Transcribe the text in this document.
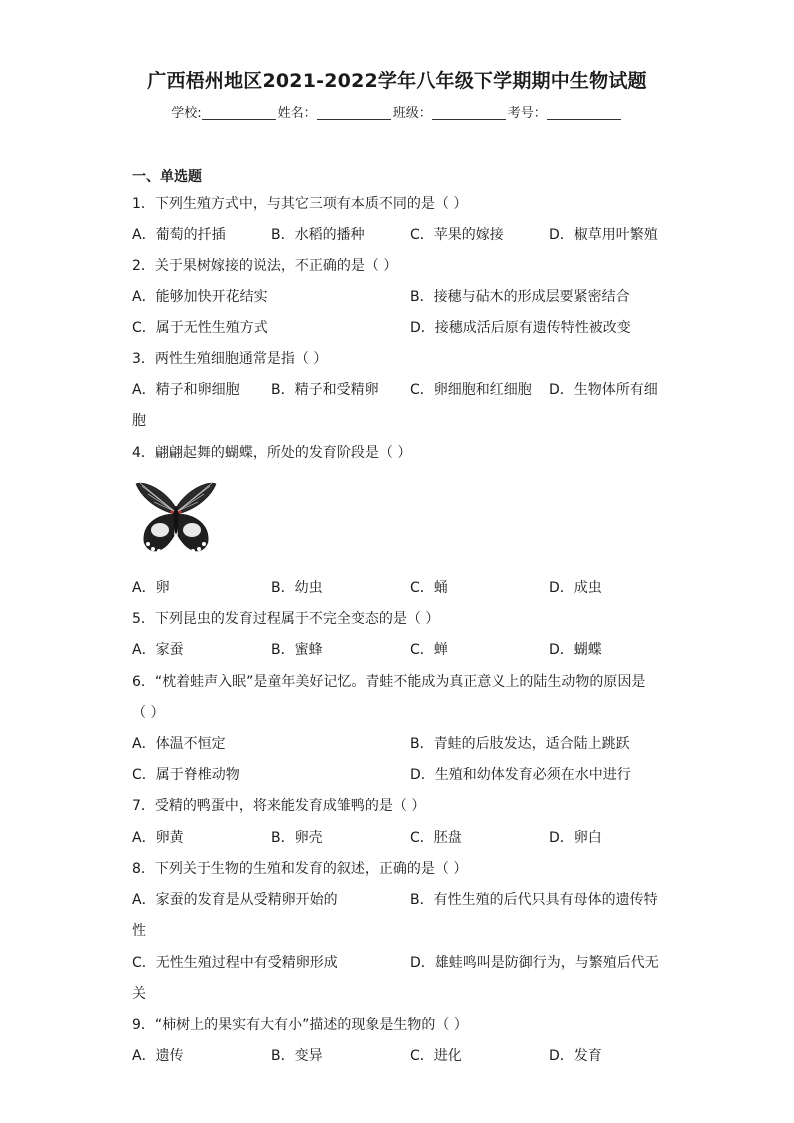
广西梧州地区2021-2022学年八年级下学期期中生物试题
学校:	姓名：	班级：	考号：
一、单选题
1．下列生殖方式中，与其它三项有本质不同的是（ ）
A．葡萄的扦插	B．水稻的播种	C．苹果的嫁接	D．椒草用叶繁殖
2．关于果树嫁接的说法，不正确的是（ ）
A．能够加快开花结实	B．接穗与砧木的形成层要紧密结合
C．属于无性生殖方式	D．接穗成活后原有遗传特性被改变
3．两性生殖细胞通常是指（ ）
A．精子和卵细胞 B．精子和受精卵 C．卵细胞和红细胞 D．生物体所有细
胞
4．翩翩起舞的蝴蝶，所处的发育阶段是（ ）
A．卵	B．幼虫	C．蛹	D．成虫
5．下列昆虫的发育过程属于不完全变态的是（ ）
A．家蚕	B．蜜蜂	C．蝉	D．蝴蝶
6．“枕着蛙声入眠”是童年美好记忆。青蛙不能成为真正意义上的陆生动物的原因是
（ ）
A．体温不恒定	B．青蛙的后肢发达，适合陆上跳跃
C．属于脊椎动物	D．生殖和幼体发育必须在水中进行
7．受精的鸭蛋中，将来能发育成雏鸭的是（ ）
A．卵黄	B．卵壳	C．胚盘	D．卵白
8．下列关于生物的生殖和发育的叙述，正确的是（ ）
A．家蚕的发育是从受精卵开始的	B．有性生殖的后代只具有母体的遗传特
性
C．无性生殖过程中有受精卵形成	D．雄蛙鸣叫是防御行为，与繁殖后代无
关
9．“柿树上的果实有大有小”描述的现象是生物的（ ）
A．遗传	B．变异	C．进化	D．发育
